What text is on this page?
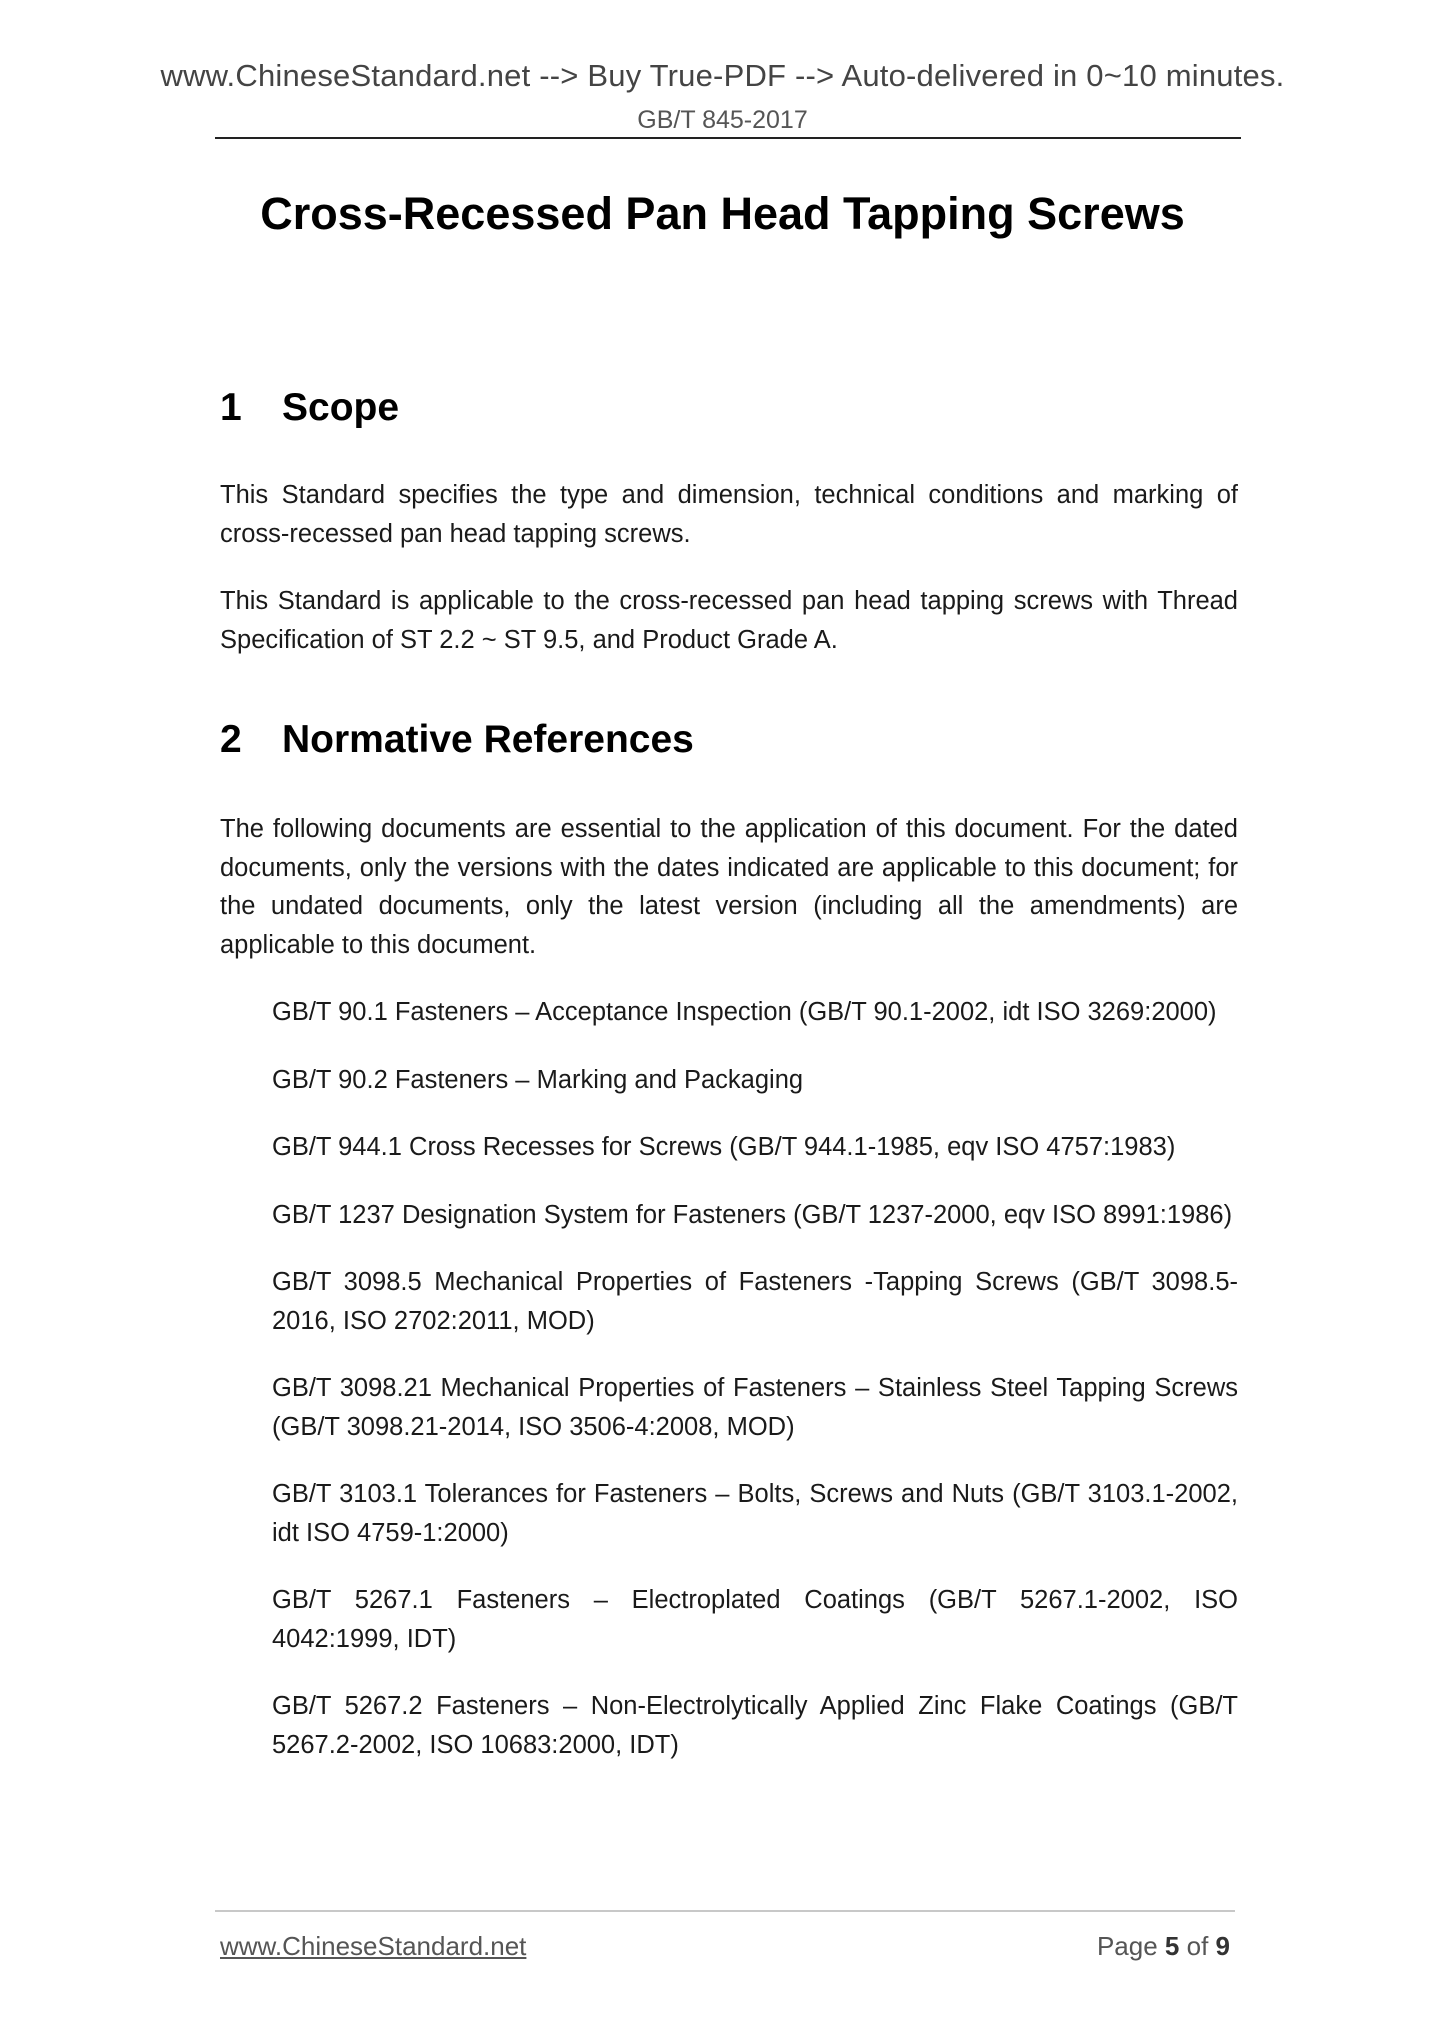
www.ChineseStandard.net --> Buy True-PDF --> Auto-delivered in 0~10 minutes.
GB/T 845-2017
Cross-Recessed Pan Head Tapping Screws
1 Scope

This Standard specifies the type and dimension, technical conditions and marking of cross-recessed pan head tapping screws.

This Standard is applicable to the cross-recessed pan head tapping screws with Thread Specification of ST 2.2 ~ ST 9.5, and Product Grade A.

2 Normative References

The following documents are essential to the application of this document. For the dated documents, only the versions with the dates indicated are applicable to this document; for the undated documents, only the latest version (including all the amendments) are applicable to this document.

GB/T 90.1 Fasteners – Acceptance Inspection (GB/T 90.1-2002, idt ISO 3269:2000)
GB/T 90.2 Fasteners – Marking and Packaging
GB/T 944.1 Cross Recesses for Screws (GB/T 944.1-1985, eqv ISO 4757:1983)
GB/T 1237 Designation System for Fasteners (GB/T 1237-2000, eqv ISO 8991:1986)
GB/T 3098.5 Mechanical Properties of Fasteners -Tapping Screws (GB/T 3098.5-2016, ISO 2702:2011, MOD)
GB/T 3098.21 Mechanical Properties of Fasteners – Stainless Steel Tapping Screws (GB/T 3098.21-2014, ISO 3506-4:2008, MOD)
GB/T 3103.1 Tolerances for Fasteners – Bolts, Screws and Nuts (GB/T 3103.1-2002, idt ISO 4759-1:2000)
GB/T 5267.1 Fasteners – Electroplated Coatings (GB/T 5267.1-2002, ISO 4042:1999, IDT)
GB/T 5267.2 Fasteners – Non-Electrolytically Applied Zinc Flake Coatings (GB/T 5267.2-2002, ISO 10683:2000, IDT)
www.ChineseStandard.net	Page 5 of 9
